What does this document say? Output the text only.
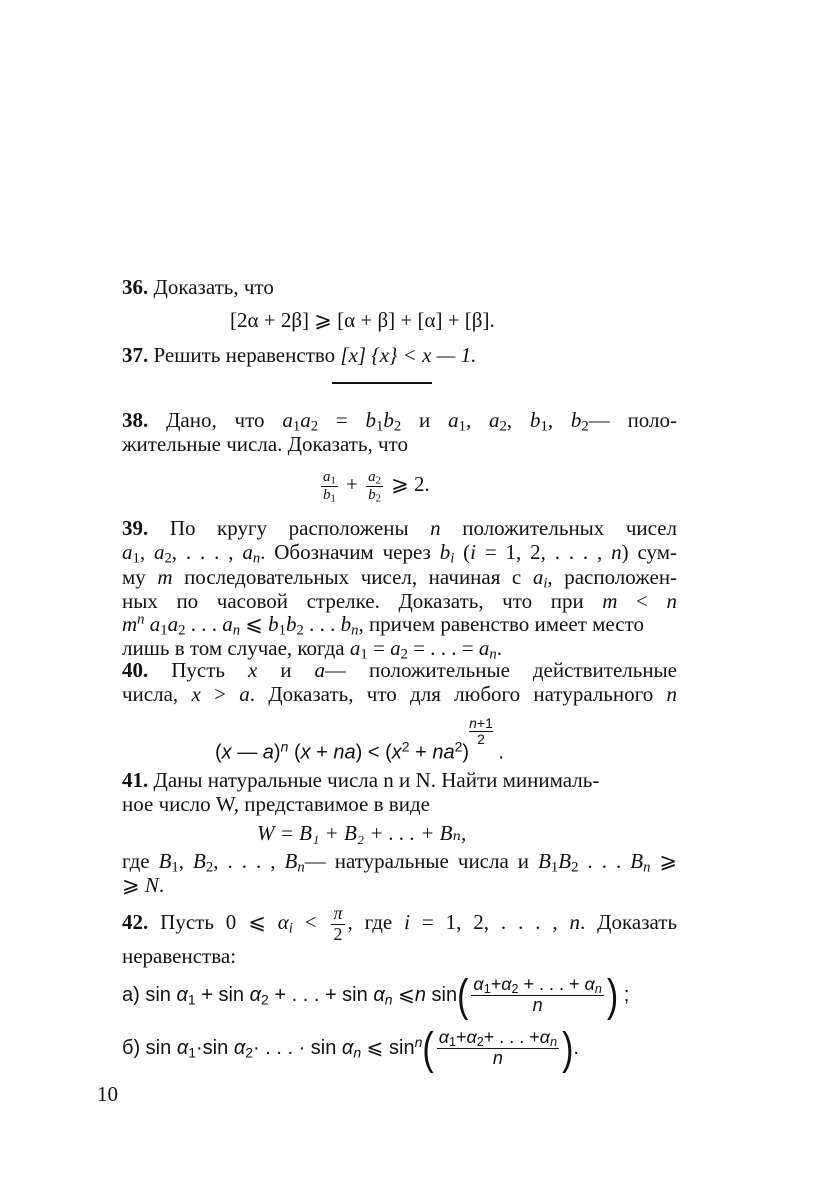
36. Доказать, что
[2α + 2β] ⩾ [α + β] + [α] + [β].
37. Решить неравенство [x] {x} < x — 1.
38. Дано, что $a_1a_2 = b_1b_2$ и $a_1$, $a_2$, $b_1$, $b_2—$ поло-
жительные числа. Доказать, что
$\frac{a_1}{b_1} + \frac{a_2}{b_2}$ ⩾ 2.
39. По кругу расположены n положительных чисел
$a_1$, $a_2$, . . . , $a_n$. Обозначим через $b_i$ (i = 1, 2, . . . , n) сум-
му m последовательных чисел, начиная с $a_i$, расположен-
ных по часовой стрелке. Доказать, что при m < n
$m^n$ $a_1a_2$ . . . $a_n$ ⩽ $b_1b_2$ . . . $b_n$, причем равенство имеет место
лишь в том случае, когда $a_1 = a_2$ = . . . = $a_n$.
40. Пусть x и a— положительные действительные
числа, x > a. Доказать, что для любого натурального n
(x — a)$^n$ $(x + na) < (x^2 + na^2)$
$\frac{n+1}{2}$
.
41. Даны натуральные числа n и N. Найти минималь-
ное число W, представимое в виде
W = B₁ + B₂ + . . . + Bₙ,
где $B_1$, $B_2$, . . . , $B_n—$ натуральные числа и $B_1B_2$ . . . $B_n$ ⩾
⩾ N.
42. Пусть 0 ⩽ $\alpha_i < \frac{\pi}{2}$ , где i = 1, 2, . . . , n. Доказать
неравенства:
а) $\sin \alpha_1 + \sin \alpha_2$ + . . . + $\sin \alpha_n$ ⩽n $\sin( \frac{\alpha_1+\alpha_2 + . . . + \alpha_n}{n}$ ) ;
б) $\sin \alpha_1\cdot\sin$ $\alpha_2\cdot$ . . . · $\sin \alpha_n$ ⩽ $\sin^n( \frac{\alpha_1+\alpha_2+ . . . +\alpha_n}{n}$ ).
10
